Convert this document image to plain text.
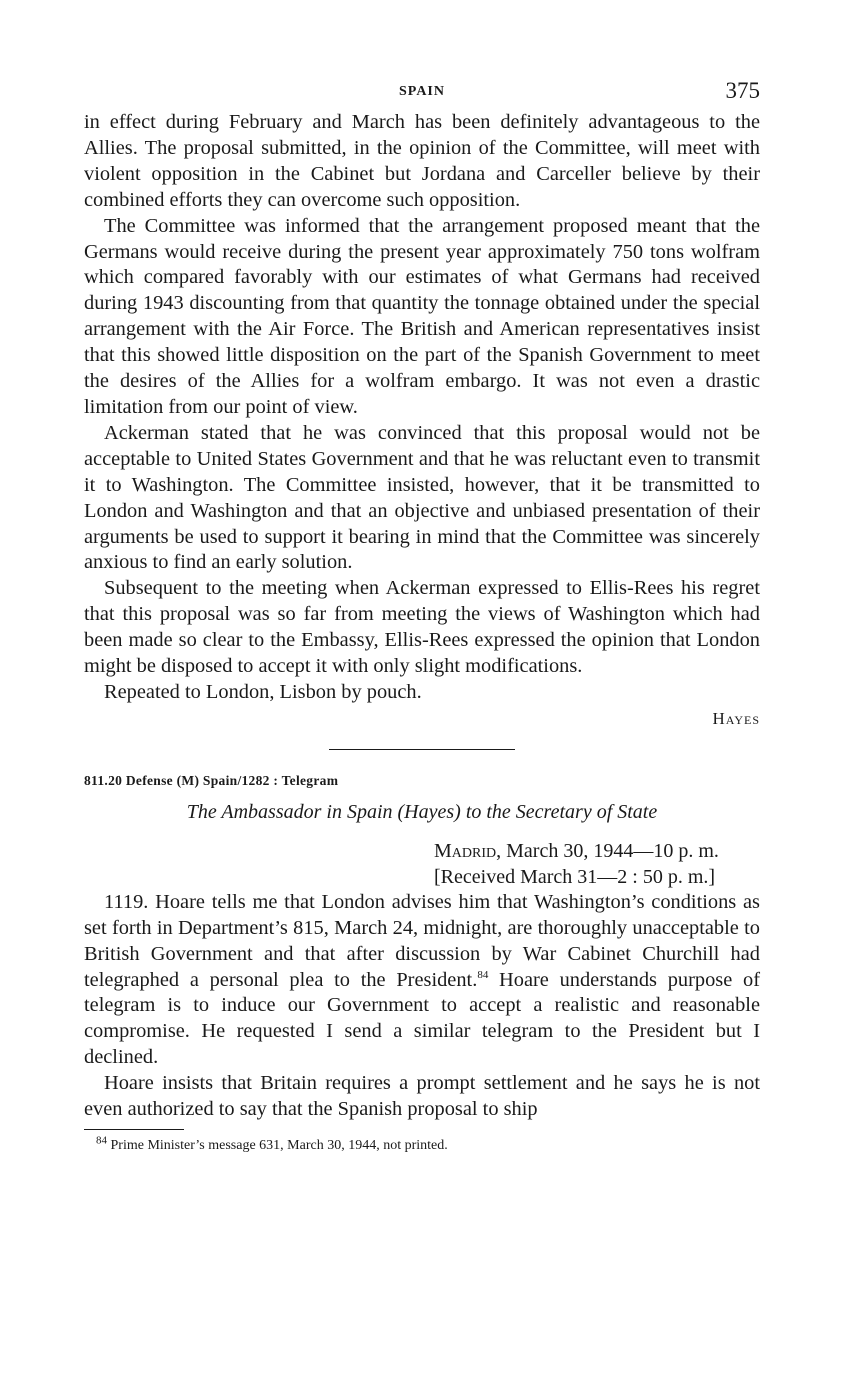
SPAIN	375

in effect during February and March has been definitely advantageous to the Allies. The proposal submitted, in the opinion of the Committee, will meet with violent opposition in the Cabinet but Jordana and Carceller believe by their combined efforts they can overcome such opposition.

The Committee was informed that the arrangement proposed meant that the Germans would receive during the present year approximately 750 tons wolfram which compared favorably with our estimates of what Germans had received during 1943 discounting from that quantity the tonnage obtained under the special arrangement with the Air Force. The British and American representatives insist that this showed little disposition on the part of the Spanish Government to meet the desires of the Allies for a wolfram embargo. It was not even a drastic limitation from our point of view.

Ackerman stated that he was convinced that this proposal would not be acceptable to United States Government and that he was reluctant even to transmit it to Washington. The Committee insisted, however, that it be transmitted to London and Washington and that an objective and unbiased presentation of their arguments be used to support it bearing in mind that the Committee was sincerely anxious to find an early solution.

Subsequent to the meeting when Ackerman expressed to Ellis-Rees his regret that this proposal was so far from meeting the views of Washington which had been made so clear to the Embassy, Ellis-Rees expressed the opinion that London might be disposed to accept it with only slight modifications.

Repeated to London, Lisbon by pouch.

Hayes
811.20 Defense (M) Spain/1282 : Telegram
The Ambassador in Spain (Hayes) to the Secretary of State
Madrid, March 30, 1944—10 p. m.
[Received March 31—2 : 50 p. m.]

1119. Hoare tells me that London advises him that Washington’s conditions as set forth in Department’s 815, March 24, midnight, are thoroughly unacceptable to British Government and that after discussion by War Cabinet Churchill had telegraphed a personal plea to the President.$^{84}$ Hoare understands purpose of telegram is to induce our Government to accept a realistic and reasonable compromise. He requested I send a similar telegram to the President but I declined.

Hoare insists that Britain requires a prompt settlement and he says he is not even authorized to say that the Spanish proposal to ship

$^{84}$ Prime Minister’s message 631, March 30, 1944, not printed.
